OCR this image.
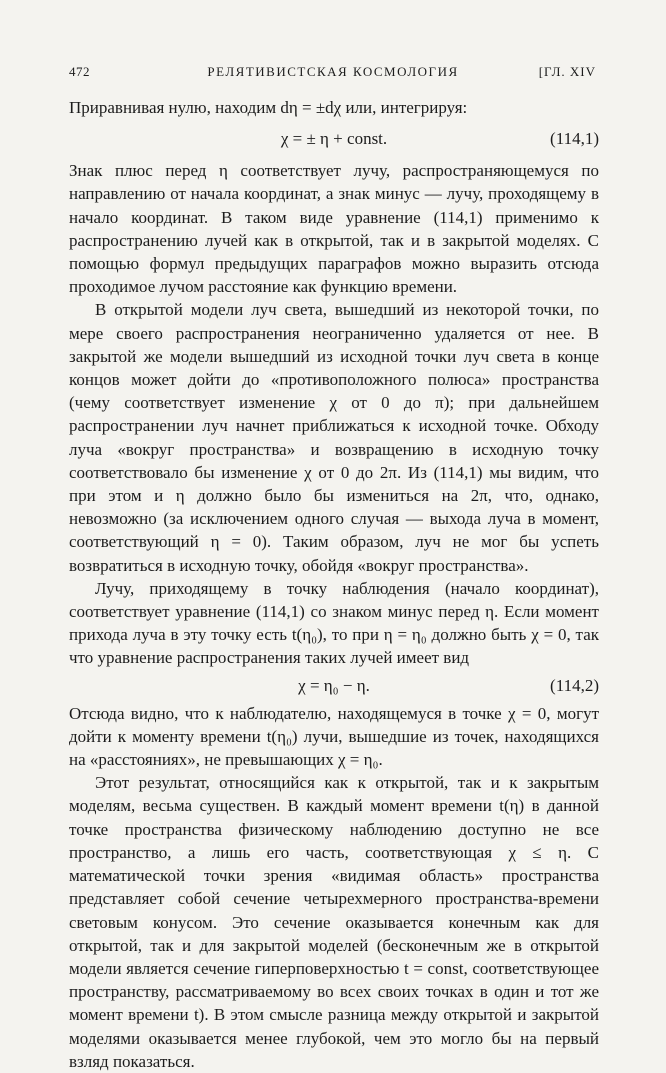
РЕЛЯТИВИСТСКАЯ КОСМОЛОГИЯ
472	[ГЛ. XIV

Приравнивая нулю, находим dη = ±dχ или, интегрируя:

χ = ± η + const.	(114,1)

Знак плюс перед η соответствует лучу, распространяющемуся по направлению от начала координат, а знак минус — лучу, проходящему в начало координат. В таком виде уравнение (114,1) применимо к распространению лучей как в открытой, так и в закрытой моделях. С помощью формул предыдущих параграфов можно выразить отсюда проходимое лучом расстояние как функцию времени.

В открытой модели луч света, вышедший из некоторой точки, по мере своего распространения неограниченно удаляется от нее. В закрытой же модели вышедший из исходной точки луч света в конце концов может дойти до «противоположного полюса» пространства (чему соответствует изменение χ от 0 до π); при дальнейшем распространении луч начнет приближаться к исходной точке. Обходу луча «вокруг пространства» и возвращению в исходную точку соответствовало бы изменение χ от 0 до 2π. Из (114,1) мы видим, что при этом и η должно было бы измениться на 2π, что, однако, невозможно (за исключением одного случая — выхода луча в момент, соответствующий η = 0). Таким образом, луч не мог бы успеть возвратиться в исходную точку, обойдя «вокруг пространства».

Лучу, приходящему в точку наблюдения (начало координат), соответствует уравнение (114,1) со знаком минус перед η. Если момент прихода луча в эту точку есть t(η₀), то при η = η₀ должно быть χ = 0, так что уравнение распространения таких лучей имеет вид

χ = η₀ − η.	(114,2)

Отсюда видно, что к наблюдателю, находящемуся в точке χ = 0, могут дойти к моменту времени t(η₀) лучи, вышедшие из точек, находящихся на «расстояниях», не превышающих χ = η₀.

Этот результат, относящийся как к открытой, так и к закрытым моделям, весьма существен. В каждый момент времени t(η) в данной точке пространства физическому наблюдению доступно не все пространство, а лишь его часть, соответствующая χ ≤ η. С математической точки зрения «видимая область» пространства представляет собой сечение четырехмерного пространства-времени световым конусом. Это сечение оказывается конечным как для открытой, так и для закрытой моделей (бесконечным же в открытой модели является сечение гиперповерхностью t = const, соответствующее пространству, рассматриваемому во всех своих точках в один и тот же момент времени t). В этом смысле разница между открытой и закрытой моделями оказывается менее глубокой, чем это могло бы на первый взляд показаться.
